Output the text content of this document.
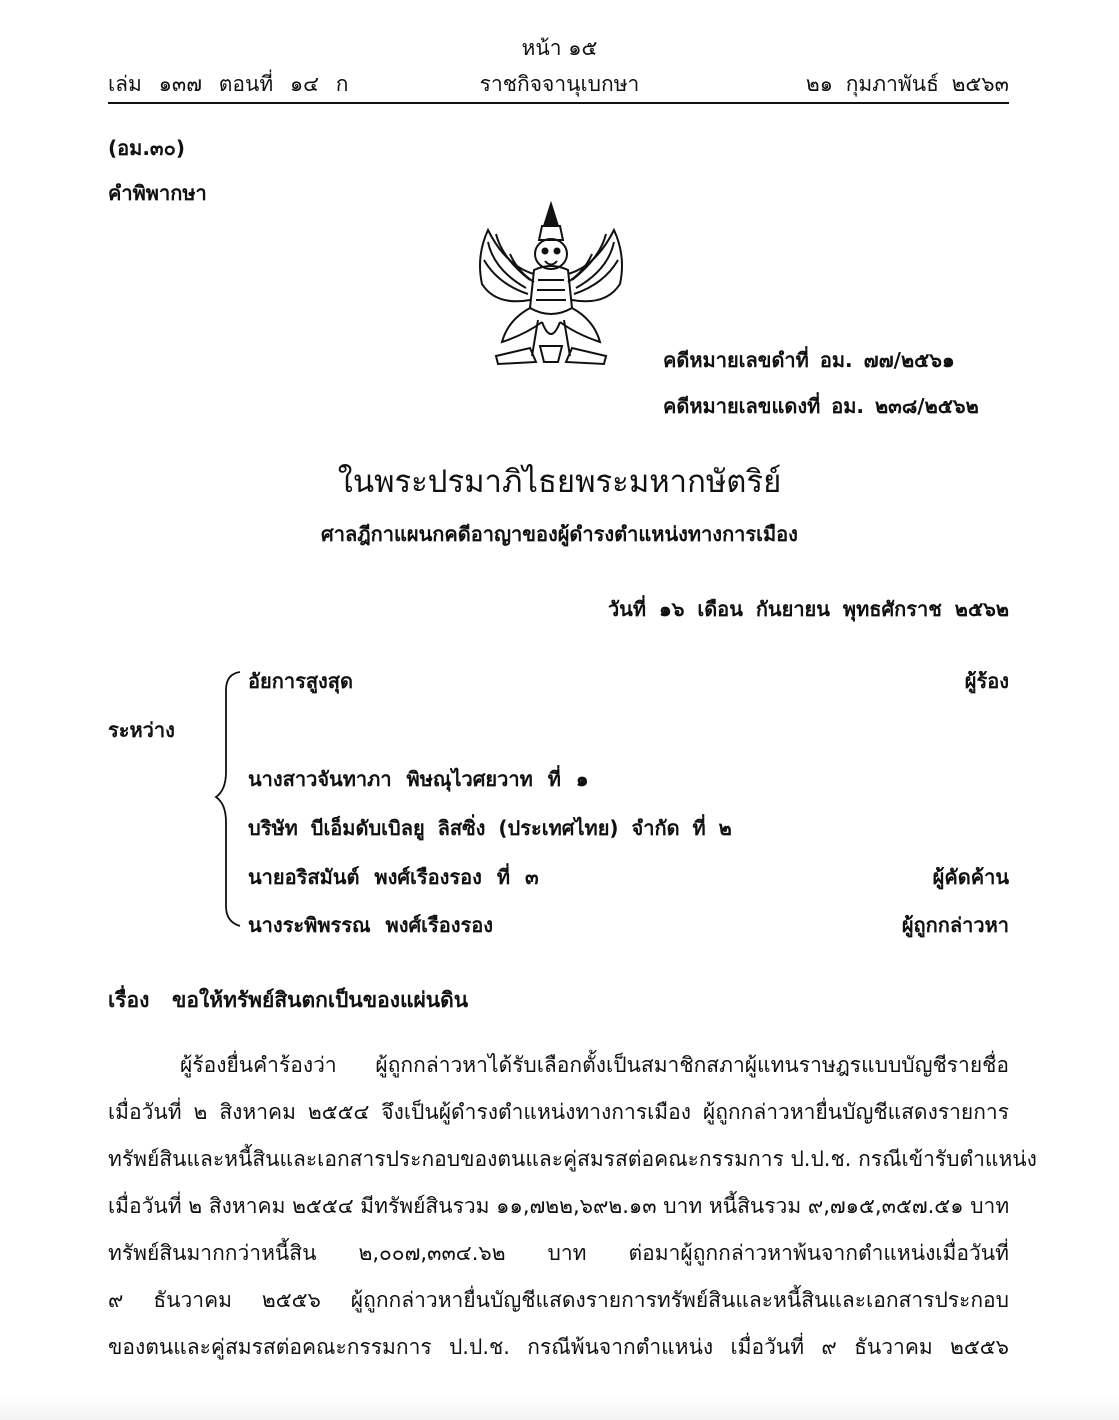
หน้า ๑๕
เล่ม ๑๓๗ ตอนที่ ๑๔ ก	ราชกิจจานุเบกษา	๒๑ กุมภาพันธ์ ๒๕๖๓
(อม.๓๐)
คำพิพากษา
คดีหมายเลขดำที่ อม. ๗๗/๒๕๖๑
คดีหมายเลขแดงที่ อม. ๒๓๘/๒๕๖๒
ในพระปรมาภิไธยพระมหากษัตริย์
ศาลฎีกาแผนกคดีอาญาของผู้ดำรงตำแหน่งทางการเมือง
วันที่ ๑๖ เดือน กันยายน พุทธศักราช ๒๕๖๒
ระหว่าง
อัยการสูงสุด	ผู้ร้อง
นางสาวจันทาภา พิษณุไวศยวาท ที่ ๑
บริษัท บีเอ็มดับเบิลยู ลิสซิ่ง (ประเทศไทย) จำกัด ที่ ๒
นายอริสมันต์ พงศ์เรืองรอง ที่ ๓	ผู้คัดค้าน
นางระพิพรรณ พงศ์เรืองรอง	ผู้ถูกกล่าวหา
เรื่อง ขอให้ทรัพย์สินตกเป็นของแผ่นดิน
ผู้ร้องยื่นคำร้องว่า ผู้ถูกกล่าวหาได้รับเลือกตั้งเป็นสมาชิกสภาผู้แทนราษฎรแบบบัญชีรายชื่อ
เมื่อวันที่ ๒ สิงหาคม ๒๕๕๔ จึงเป็นผู้ดำรงตำแหน่งทางการเมือง ผู้ถูกกล่าวหายื่นบัญชีแสดงรายการ
ทรัพย์สินและหนี้สินและเอกสารประกอบของตนและคู่สมรสต่อคณะกรรมการ ป.ป.ช. กรณีเข้ารับตำแหน่ง
เมื่อวันที่ ๒ สิงหาคม ๒๕๕๔ มีทรัพย์สินรวม ๑๑,๗๒๒,๖๙๒.๑๓ บาท หนี้สินรวม ๙,๗๑๕,๓๕๗.๕๑ บาท
ทรัพย์สินมากกว่าหนี้สิน ๒,๐๐๗,๓๓๔.๖๒ บาท ต่อมาผู้ถูกกล่าวหาพ้นจากตำแหน่งเมื่อวันที่
๙ ธันวาคม ๒๕๕๖ ผู้ถูกกล่าวหายื่นบัญชีแสดงรายการทรัพย์สินและหนี้สินและเอกสารประกอบ
ของตนและคู่สมรสต่อคณะกรรมการ ป.ป.ช. กรณีพ้นจากตำแหน่ง เมื่อวันที่ ๙ ธันวาคม ๒๕๕๖
